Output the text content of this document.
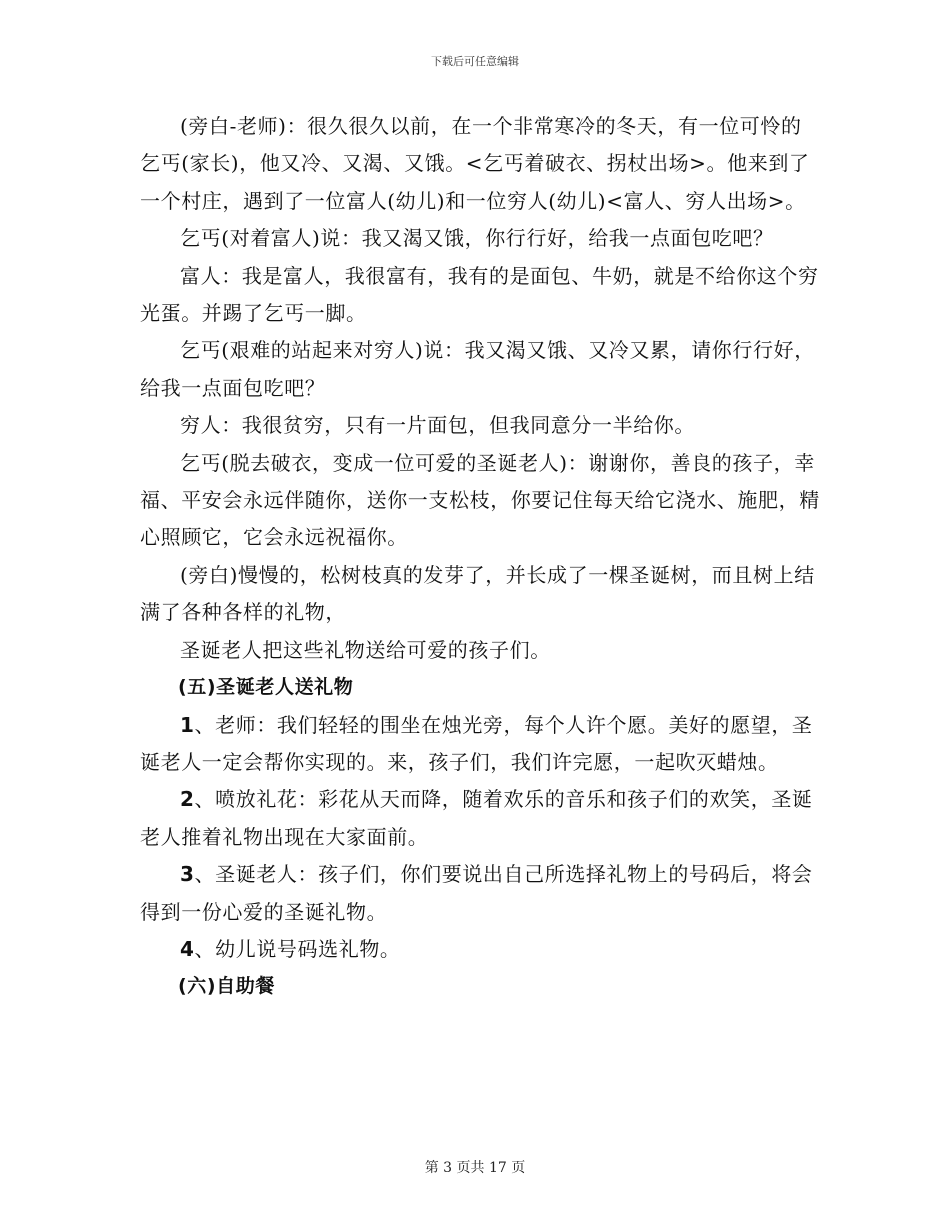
下载后可任意编辑

(旁白-老师)：很久很久以前，在一个非常寒冷的冬天，有一位可怜的乞丐(家长)，他又冷、又渴、又饿。<乞丐着破衣、拐杖出场>。他来到了一个村庄，遇到了一位富人(幼儿)和一位穷人(幼儿)<富人、穷人出场>。

乞丐(对着富人)说：我又渴又饿，你行行好，给我一点面包吃吧？

富人：我是富人，我很富有，我有的是面包、牛奶，就是不给你这个穷光蛋。并踢了乞丐一脚。

乞丐(艰难的站起来对穷人)说：我又渴又饿、又冷又累，请你行行好，给我一点面包吃吧？

穷人：我很贫穷，只有一片面包，但我同意分一半给你。

乞丐(脱去破衣，变成一位可爱的圣诞老人)：谢谢你，善良的孩子，幸福、平安会永远伴随你，送你一支松枝，你要记住每天给它浇水、施肥，精心照顾它，它会永远祝福你。

(旁白)慢慢的，松树枝真的发芽了，并长成了一棵圣诞树，而且树上结满了各种各样的礼物，

圣诞老人把这些礼物送给可爱的孩子们。

(五)圣诞老人送礼物

1、老师：我们轻轻的围坐在烛光旁，每个人许个愿。美好的愿望，圣诞老人一定会帮你实现的。来，孩子们，我们许完愿，一起吹灭蜡烛。

2、喷放礼花：彩花从天而降，随着欢乐的音乐和孩子们的欢笑，圣诞老人推着礼物出现在大家面前。

3、圣诞老人：孩子们，你们要说出自己所选择礼物上的号码后，将会得到一份心爱的圣诞礼物。

4、幼儿说号码选礼物。

(六)自助餐

第 3 页共 17 页
